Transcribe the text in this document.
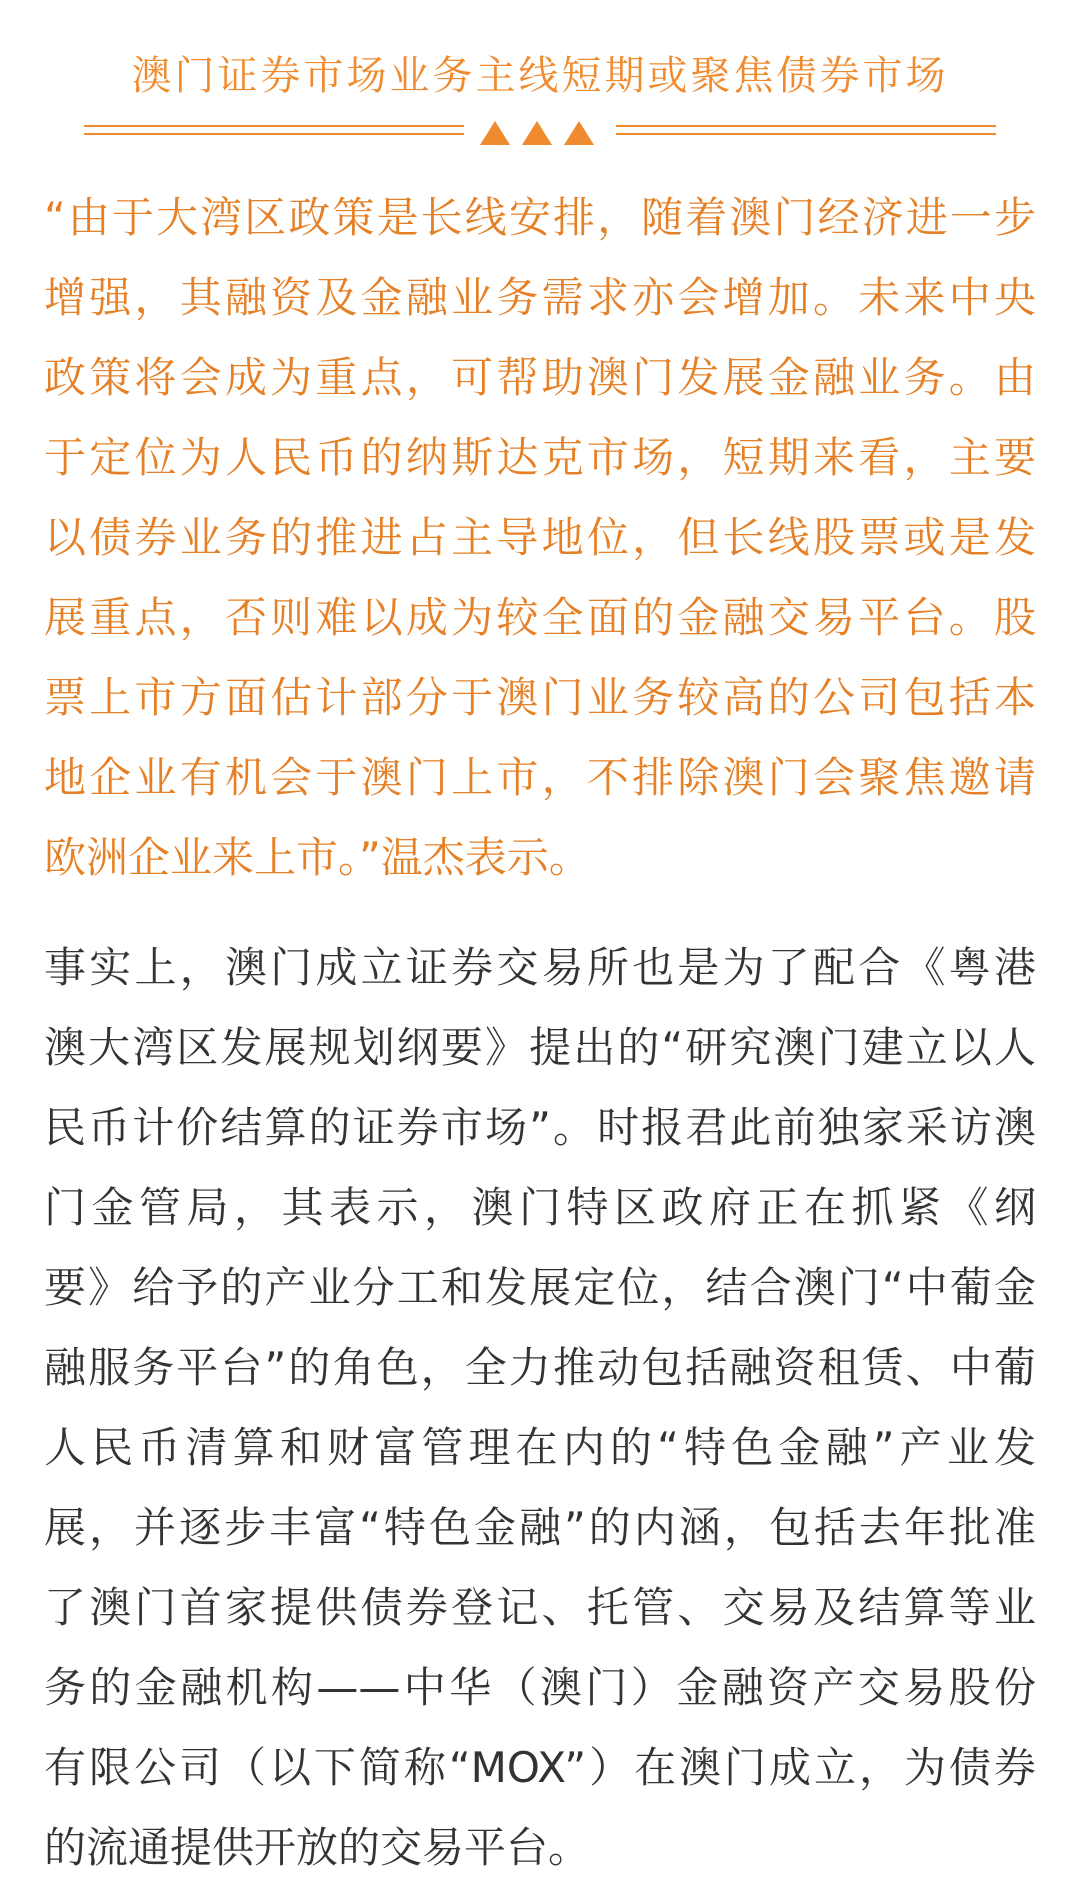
澳门证券市场业务主线短期或聚焦债券市场
“由于大湾区政策是长线安排，随着澳门经济进一步
增强，其融资及金融业务需求亦会增加。未来中央
政策将会成为重点，可帮助澳门发展金融业务。由
于定位为人民币的纳斯达克市场，短期来看，主要
以债券业务的推进占主导地位，但长线股票或是发
展重点，否则难以成为较全面的金融交易平台。股
票上市方面估计部分于澳门业务较高的公司包括本
地企业有机会于澳门上市，不排除澳门会聚焦邀请
欧洲企业来上市。”温杰表示。
事实上，澳门成立证券交易所也是为了配合《粤港
澳大湾区发展规划纲要》提出的“研究澳门建立以人
民币计价结算的证券市场”。时报君此前独家采访澳
门金管局，其表示，澳门特区政府正在抓紧《纲
要》给予的产业分工和发展定位，结合澳门“中葡金
融服务平台”的角色，全力推动包括融资租赁、中葡
人民币清算和财富管理在内的“特色金融”产业发
展，并逐步丰富“特色金融”的内涵，包括去年批准
了澳门首家提供债券登记、托管、交易及结算等业
务的金融机构——中华（澳门）金融资产交易股份
有限公司（以下简称“MOX”）在澳门成立，为债券
的流通提供开放的交易平台。
